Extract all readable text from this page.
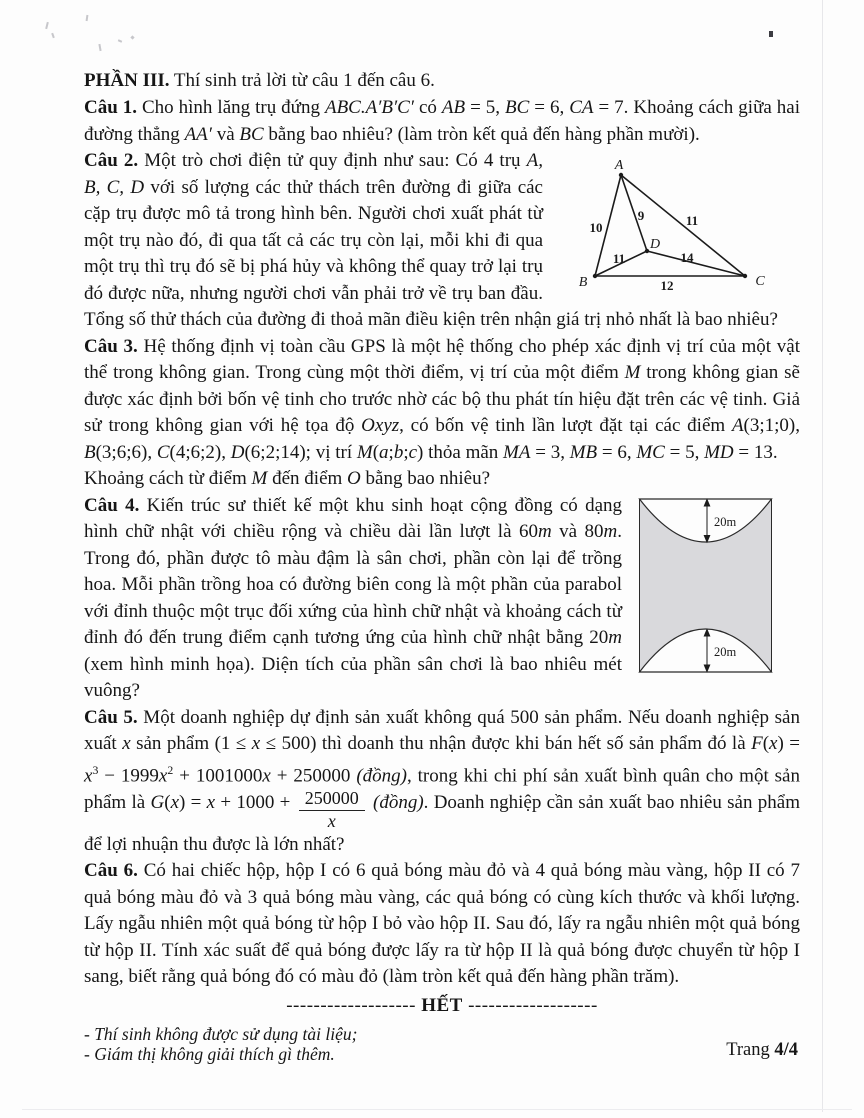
PHẦN III. Thí sinh trả lời từ câu 1 đến câu 6.

Câu 1. Cho hình lăng trụ đứng ABC.A′B′C′ có AB = 5, BC = 6, CA = 7. Khoảng cách giữa hai đường thẳng AA′ và BC bằng bao nhiêu? (làm tròn kết quả đến hàng phần mười).

A
B	C
D
10
9	11
11	14
12

Câu 2. Một trò chơi điện tử quy định như sau: Có 4 trụ A, B, C, D với số lượng các thử thách trên đường đi giữa các cặp trụ được mô tả trong hình bên. Người chơi xuất phát từ một trụ nào đó, đi qua tất cả các trụ còn lại, mỗi khi đi qua một trụ thì trụ đó sẽ bị phá hủy và không thể quay trở lại trụ đó được nữa, nhưng người chơi vẫn phải trở về trụ ban đầu. Tổng số thử thách của đường đi thoả mãn điều kiện trên nhận giá trị nhỏ nhất là bao nhiêu?

Câu 3. Hệ thống định vị toàn cầu GPS là một hệ thống cho phép xác định vị trí của một vật thể trong không gian. Trong cùng một thời điểm, vị trí của một điểm M trong không gian sẽ được xác định bởi bốn vệ tinh cho trước nhờ các bộ thu phát tín hiệu đặt trên các vệ tinh. Giả sử trong không gian với hệ tọa độ Oxyz, có bốn vệ tinh lần lượt đặt tại các điểm A(3;1;0), B(3;6;6), C(4;6;2), D(6;2;14); vị trí M(a;b;c) thỏa mãn MA = 3, MB = 6, MC = 5, MD = 13.

Khoảng cách từ điểm M đến điểm O bằng bao nhiêu?

20m
20m

Câu 4. Kiến trúc sư thiết kế một khu sinh hoạt cộng đồng có dạng hình chữ nhật với chiều rộng và chiều dài lần lượt là 60m và 80m. Trong đó, phần được tô màu đậm là sân chơi, phần còn lại để trồng hoa. Mỗi phần trồng hoa có đường biên cong là một phần của parabol với đỉnh thuộc một trục đối xứng của hình chữ nhật và khoảng cách từ đỉnh đó đến trung điểm cạnh tương ứng của hình chữ nhật bằng 20m (xem hình minh họa). Diện tích của phần sân chơi là bao nhiêu mét vuông?

Câu 5. Một doanh nghiệp dự định sản xuất không quá 500 sản phẩm. Nếu doanh nghiệp sản xuất x sản phẩm (1 ≤ x ≤ 500) thì doanh thu nhận được khi bán hết số sản phẩm đó là $F(x) = x^3 - 1999x^2 + 1001000x + 250000$ (đồng), trong khi chi phí sản xuất bình quân cho một sản phẩm là $G(x) = x + 1000 + \frac{250000}{x}$ (đồng). Doanh nghiệp cần sản xuất bao nhiêu sản phẩm để lợi nhuận thu được là lớn nhất?

Câu 6. Có hai chiếc hộp, hộp I có 6 quả bóng màu đỏ và 4 quả bóng màu vàng, hộp II có 7 quả bóng màu đỏ và 3 quả bóng màu vàng, các quả bóng có cùng kích thước và khối lượng. Lấy ngẫu nhiên một quả bóng từ hộp I bỏ vào hộp II. Sau đó, lấy ra ngẫu nhiên một quả bóng từ hộp II. Tính xác suất để quả bóng được lấy ra từ hộp II là quả bóng được chuyển từ hộp I sang, biết rằng quả bóng đó có màu đỏ (làm tròn kết quả đến hàng phần trăm).

------------------- HẾT -------------------
- Thí sinh không được sử dụng tài liệu;
- Giám thị không giải thích gì thêm.	Trang 4/4
